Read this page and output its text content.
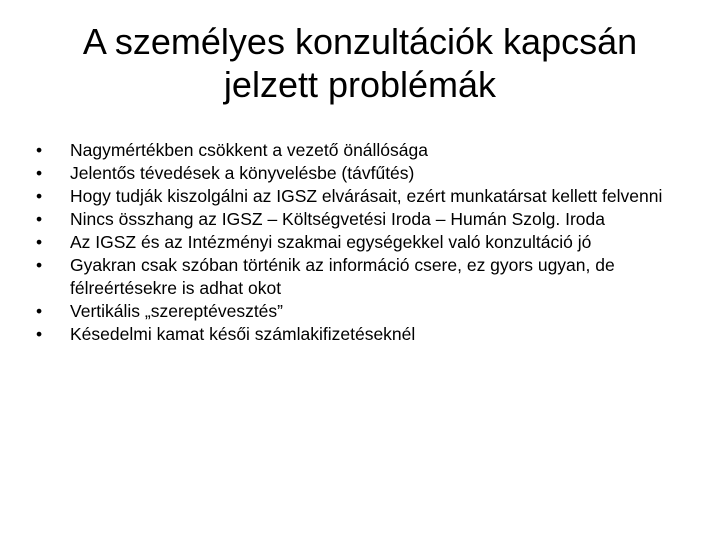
A személyes konzultációk kapcsán
jelzett problémák
•	Nagymértékben csökkent a vezető önállósága
•	Jelentős tévedések a könyvelésbe (távfűtés)
•	Hogy tudják kiszolgálni az IGSZ elvárásait, ezért munkatársat kellett felvenni
•	Nincs összhang az IGSZ – Költségvetési Iroda – Humán Szolg. Iroda
•	Az IGSZ és az Intézményi szakmai egységekkel való konzultáció jó
•	Gyakran csak szóban történik az információ csere, ez gyors ugyan, de félreértésekre is adhat okot
•	Vertikális „szereptévesztés”
•	Késedelmi kamat késői számlakifizetéseknél
